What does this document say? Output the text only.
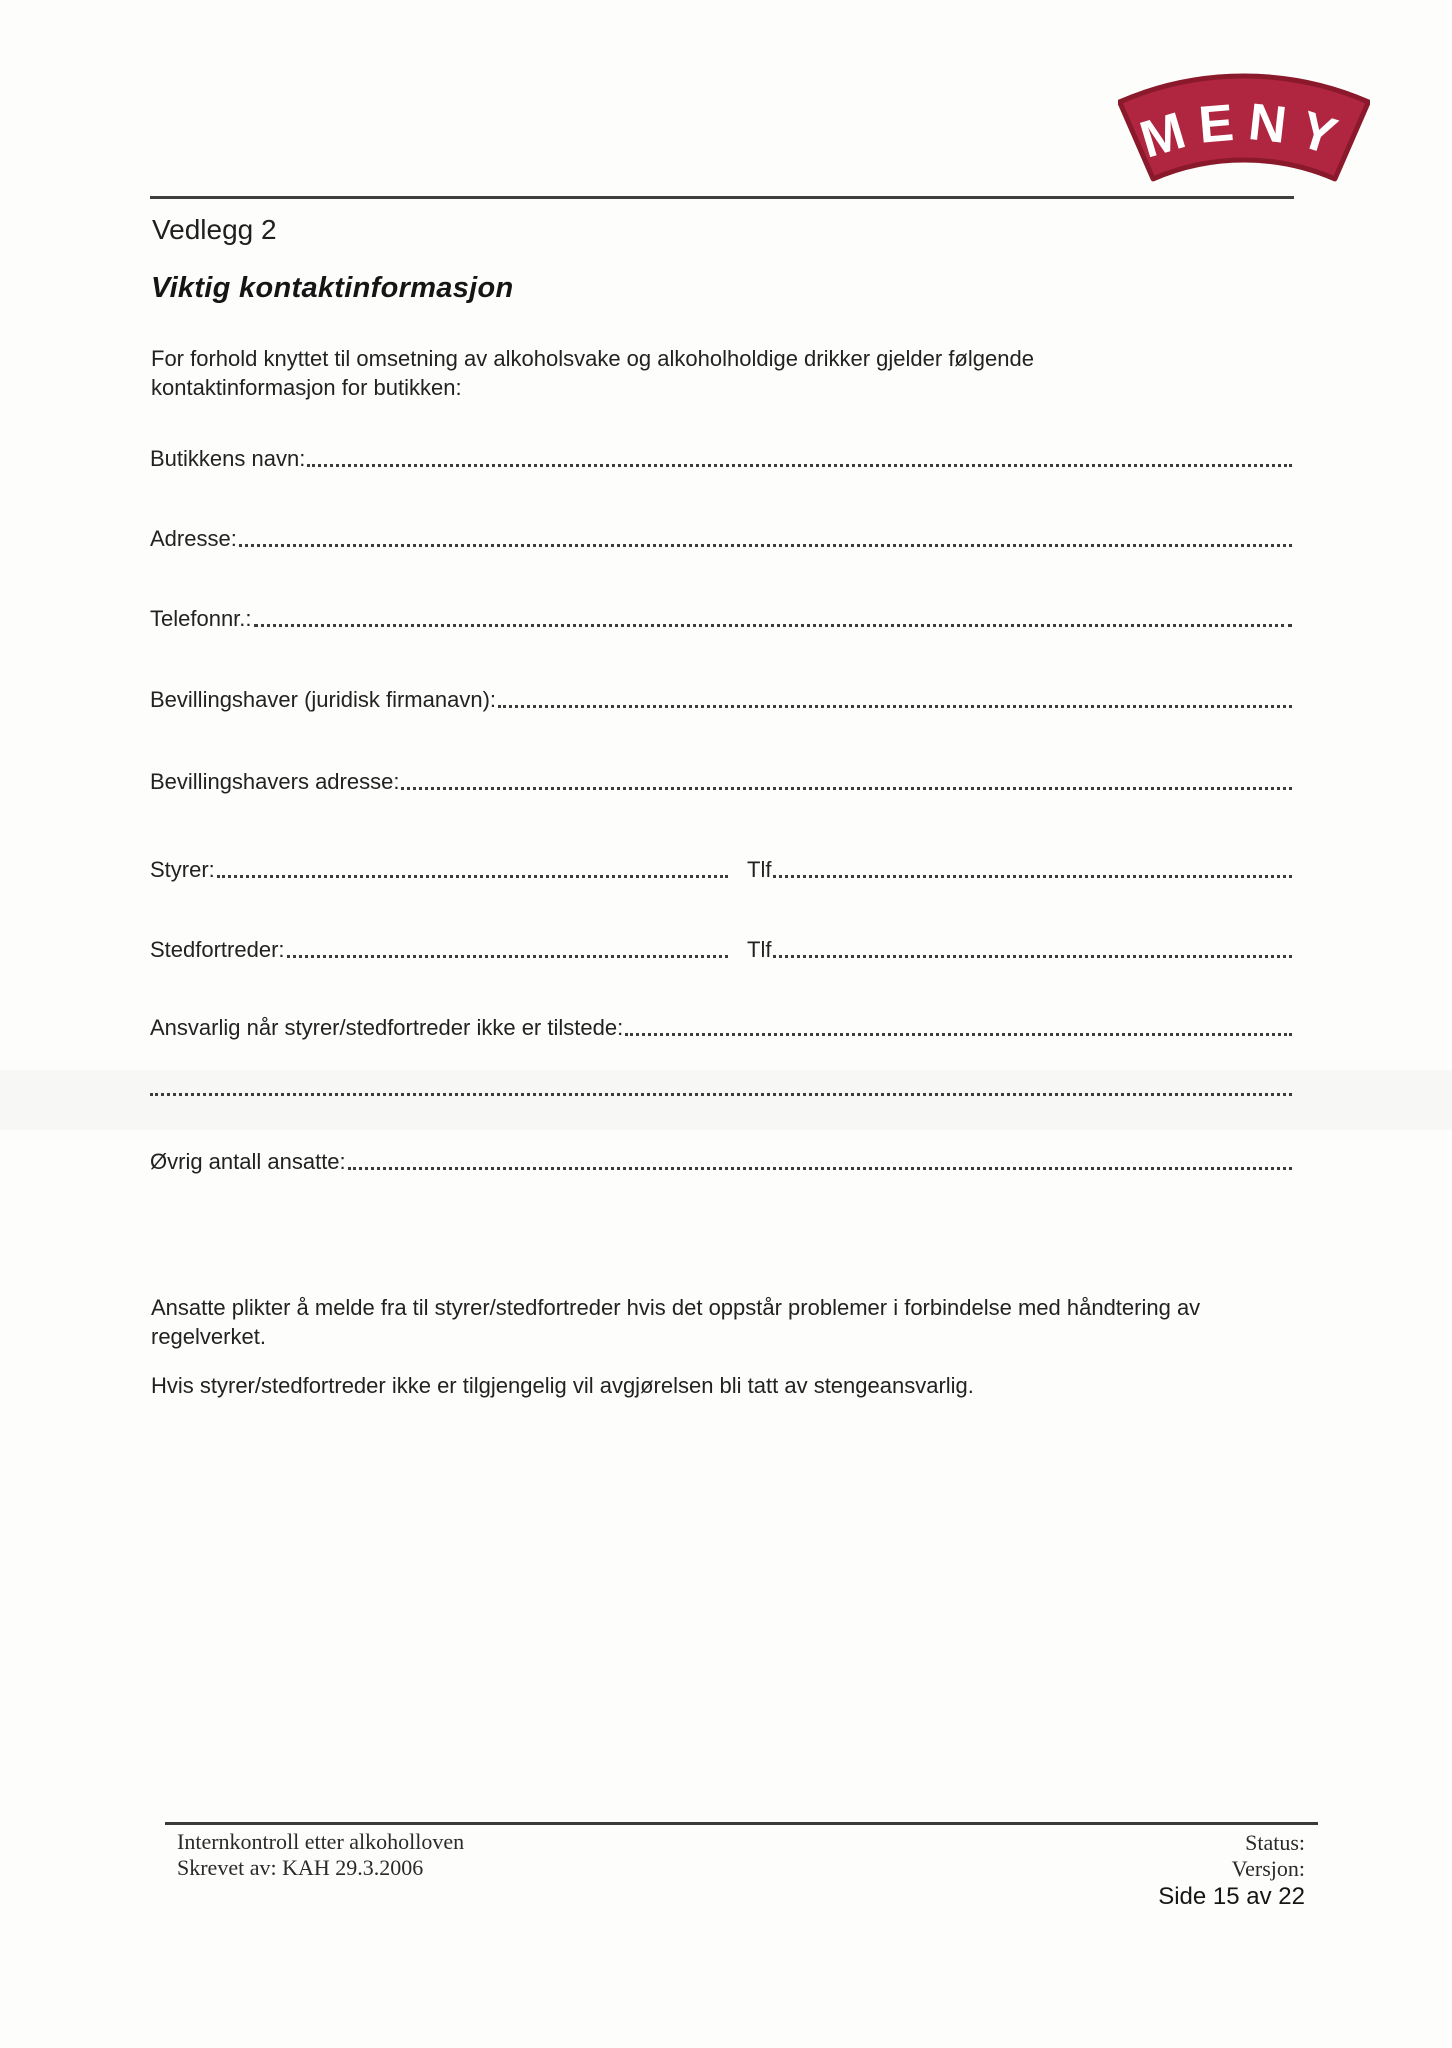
MENY
Vedlegg 2
Viktig kontaktinformasjon
For forhold knyttet til omsetning av alkoholsvake og alkoholholdige drikker gjelder følgende
kontaktinformasjon for butikken:
Butikkens navn:
Adresse:
Telefonnr.:
Bevillingshaver (juridisk firmanavn):
Bevillingshavers adresse:
Styrer:	Tlf
Stedfortreder:	Tlf
Ansvarlig når styrer/stedfortreder ikke er tilstede:
Øvrig antall ansatte:
Ansatte plikter å melde fra til styrer/stedfortreder hvis det oppstår problemer i forbindelse med håndtering av
regelverket.
Hvis styrer/stedfortreder ikke er tilgjengelig vil avgjørelsen bli tatt av stengeansvarlig.
Internkontroll etter alkoholloven
Skrevet av: KAH 29.3.2006
Status:
Versjon:
Side 15 av 22
